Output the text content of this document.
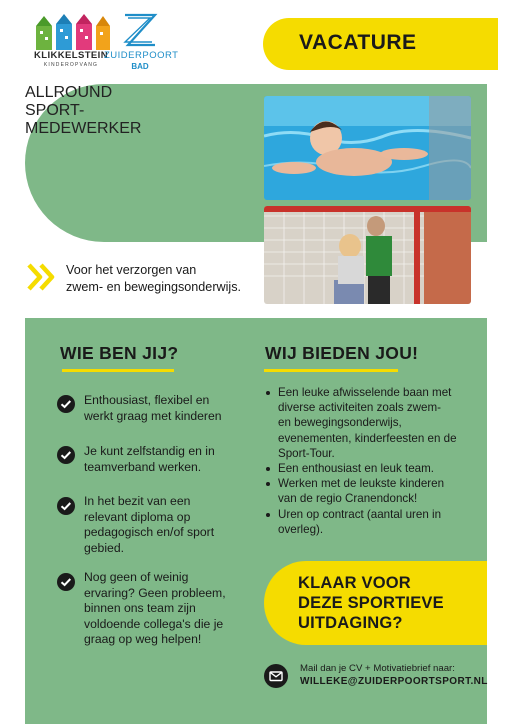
KLIKKELSTEIN
KINDEROPVANG
ZUIDERPOORT
BAD
VACATURE
ALLROUND
SPORT-
MEDEWERKER
Voor het verzorgen van
zwem- en bewegingsonderwijs.
WIE BEN JIJ?	WIJ BIEDEN JOU!
Enthousiast, flexibel en
werkt graag met kinderen
Je kunt zelfstandig en in
teamverband werken.
In het bezit van een
relevant diploma op
pedagogisch en/of sport
gebied.
Nog geen of weinig
ervaring? Geen probleem,
binnen ons team zijn
voldoende collega's die je
graag op weg helpen!
Een leuke afwisselende baan met
diverse activiteiten zoals zwem-
en bewegingsonderwijs,
evenementen, kinderfeesten en de
Sport-Tour.
Een enthousiast en leuk team.
Werken met de leukste kinderen
van de regio Cranendonck!
Uren op contract (aantal uren in
overleg).
KLAAR VOOR
DEZE SPORTIEVE
UITDAGING?
Mail dan je CV + Motivatiebrief naar:
WILLEKE@ZUIDERPOORTSPORT.NL
